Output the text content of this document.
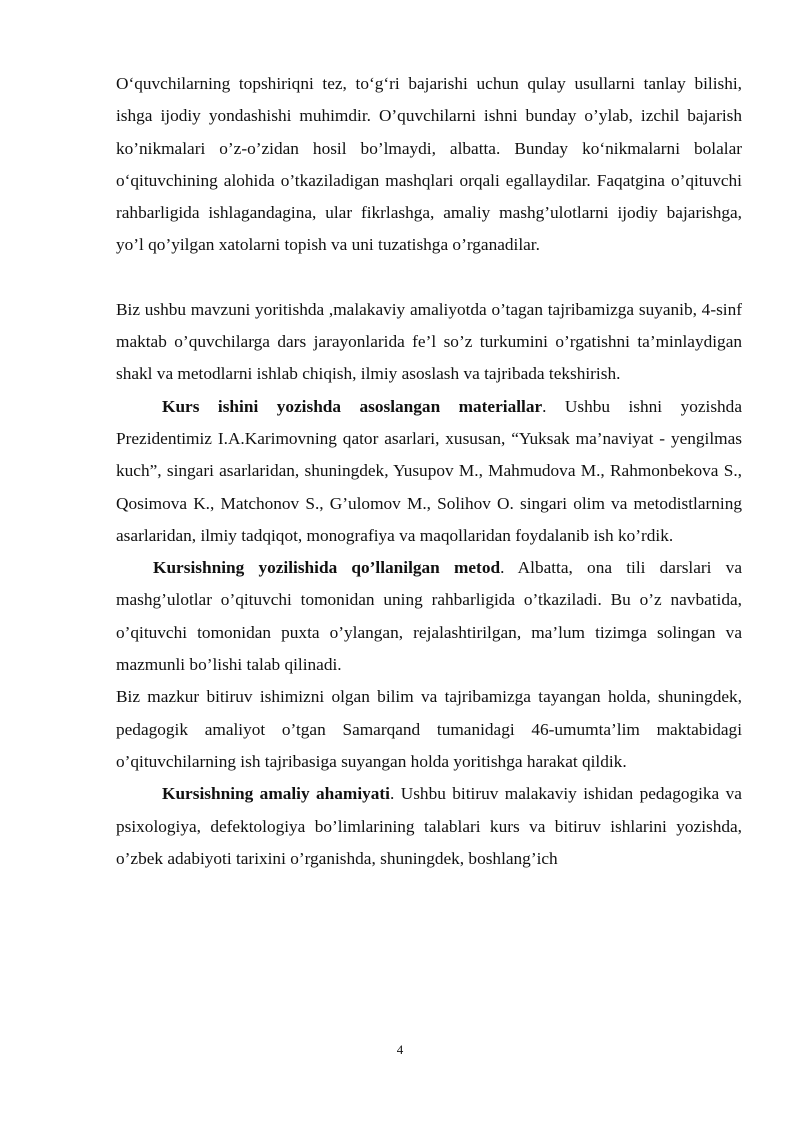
O‘quvchilarning topshiriqni tez, to‘g‘ri bajarishi uchun qulay usullarni tanlay bilishi, ishga ijodiy yondashishi muhimdir. O’quvchilarni ishni bunday o’ylab, izchil bajarish ko’nikmalari o’z-o’zidan hosil bo’lmaydi, albatta. Bunday ko‘nikmalarni bolalar o‘qituvchining alohida o’tkaziladigan mashqlari orqali egallaydilar. Faqatgina o’qituvchi rahbarligida ishlagandagina, ular fikrlashga, amaliy mashg’ulotlarni ijodiy bajarishga, yo’l qo’yilgan xatolarni topish va uni tuzatishga o’rganadilar.

Biz ushbu mavzuni yoritishda ,malakaviy amaliyotda o’tagan tajribamizga suyanib, 4-sinf maktab o’quvchilarga dars jarayonlarida fe’l so’z turkumini o’rgatishni ta’minlaydigan shakl va metodlarni ishlab chiqish, ilmiy asoslash va tajribada tekshirish.

Kurs ishini yozishda asoslangan materiallar. Ushbu ishni yozishda Prezidentimiz I.A.Karimovning qator asarlari, xususan, “Yuksak ma’naviyat - yengilmas kuch”, singari asarlaridan, shuningdek, Yusupov M., Mahmudova M., Rahmonbekova S., Qosimova K., Matchonov S., G’ulomov M., Solihov O. singari olim va metodistlarning asarlaridan, ilmiy tadqiqot, monografiya va maqollaridan foydalanib ish ko’rdik.

Kursishning yozilishida qo’llanilgan metod. Albatta, ona tili darslari va mashg’ulotlar o’qituvchi tomonidan uning rahbarligida o’tkaziladi. Bu o’z navbatida, o’qituvchi tomonidan puxta o’ylangan, rejalashtirilgan, ma’lum tizimga solingan va mazmunli bo’lishi talab qilinadi.

Biz mazkur bitiruv ishimizni olgan bilim va tajribamizga tayangan holda, shuningdek, pedagogik amaliyot o’tgan Samarqand tumanidagi 46-umumta’lim maktabidagi o’qituvchilarning ish tajribasiga suyangan holda yoritishga harakat qildik.

Kursishning amaliy ahamiyati. Ushbu bitiruv malakaviy ishidan pedagogika va psixologiya, defektologiya bo’limlarining talablari kurs va bitiruv ishlarini yozishda, o’zbek adabiyoti tarixini o’rganishda, shuningdek, boshlang’ich

4
